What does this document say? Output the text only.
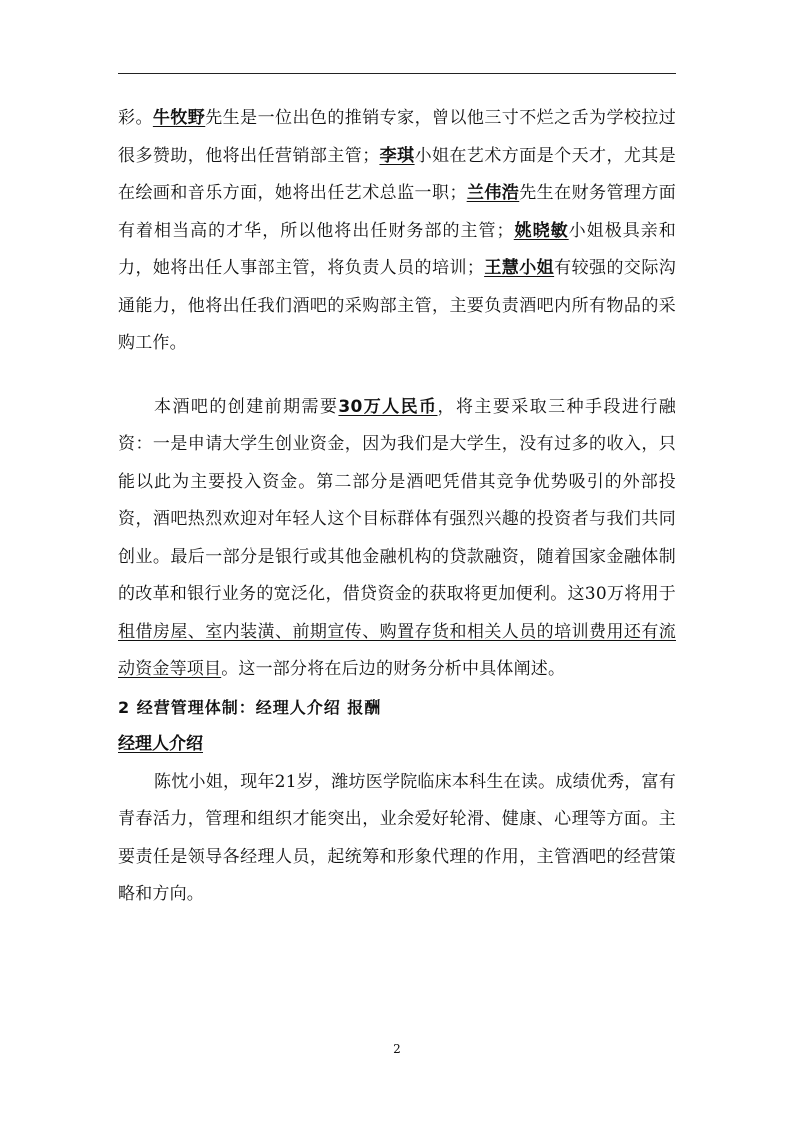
彩。牛牧野先生是一位出色的推销专家，曾以他三寸不烂之舌为学校拉过很多赞助，他将出任营销部主管；李琪小姐在艺术方面是个天才，尤其是在绘画和音乐方面，她将出任艺术总监一职；兰伟浩先生在财务管理方面有着相当高的才华，所以他将出任财务部的主管；姚晓敏小姐极具亲和力，她将出任人事部主管，将负责人员的培训；王慧小姐有较强的交际沟通能力，他将出任我们酒吧的采购部主管，主要负责酒吧内所有物品的采购工作。

本酒吧的创建前期需要30万人民币，将主要采取三种手段进行融资：一是申请大学生创业资金，因为我们是大学生，没有过多的收入，只能以此为主要投入资金。第二部分是酒吧凭借其竞争优势吸引的外部投资，酒吧热烈欢迎对年轻人这个目标群体有强烈兴趣的投资者与我们共同创业。最后一部分是银行或其他金融机构的贷款融资，随着国家金融体制的改革和银行业务的宽泛化，借贷资金的获取将更加便利。这30万将用于租借房屋、室内装潢、前期宣传、购置存货和相关人员的培训费用还有流动资金等项目。这一部分将在后边的财务分析中具体阐述。

2 经营管理体制：经理人介绍 报酬
经理人介绍

陈忱小姐，现年21岁，潍坊医学院临床本科生在读。成绩优秀，富有青春活力，管理和组织才能突出，业余爱好轮滑、健康、心理等方面。主要责任是领导各经理人员，起统筹和形象代理的作用，主管酒吧的经营策略和方向。

2
